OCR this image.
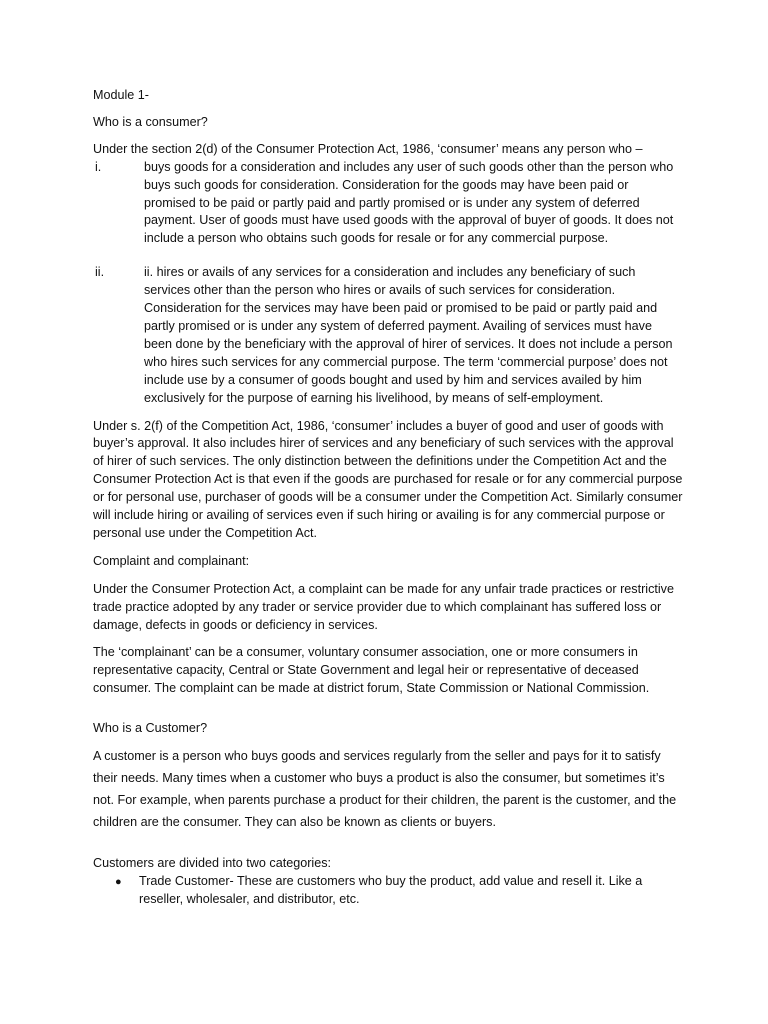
Module 1-

Who is a consumer?

Under the section 2(d) of the Consumer Protection Act, 1986, ‘consumer’ means any person who –

i.	buys goods for a consideration and includes any user of such goods other than the person who buys such goods for consideration. Consideration for the goods may have been paid or promised to be paid or partly paid and partly promised or is under any system of deferred payment. User of goods must have used goods with the approval of buyer of goods. It does not include a person who obtains such goods for resale or for any commercial purpose.
ii.	ii. hires or avails of any services for a consideration and includes any beneficiary of such services other than the person who hires or avails of such services for consideration. Consideration for the services may have been paid or promised to be paid or partly paid and partly promised or is under any system of deferred payment. Availing of services must have been done by the beneficiary with the approval of hirer of services. It does not include a person who hires such services for any commercial purpose. The term ‘commercial purpose’ does not include use by a consumer of goods bought and used by him and services availed by him exclusively for the purpose of earning his livelihood, by means of self-employment.

Under s. 2(f) of the Competition Act, 1986, ‘consumer’ includes a buyer of good and user of goods with buyer’s approval. It also includes hirer of services and any beneficiary of such services with the approval of hirer of such services. The only distinction between the definitions under the Competition Act and the Consumer Protection Act is that even if the goods are purchased for resale or for any commercial purpose or for personal use, purchaser of goods will be a consumer under the Competition Act. Similarly consumer will include hiring or availing of services even if such hiring or availing is for any commercial purpose or personal use under the Competition Act.

Complaint and complainant:

Under the Consumer Protection Act, a complaint can be made for any unfair trade practices or restrictive trade practice adopted by any trader or service provider due to which complainant has suffered loss or damage, defects in goods or deficiency in services.

The ‘complainant’ can be a consumer, voluntary consumer association, one or more consumers in representative capacity, Central or State Government and legal heir or representative of deceased consumer. The complaint can be made at district forum, State Commission or National Commission.

Who is a Customer?

A customer is a person who buys goods and services regularly from the seller and pays for it to satisfy their needs. Many times when a customer who buys a product is also the consumer, but sometimes it’s not. For example, when parents purchase a product for their children, the parent is the customer, and the children are the consumer. They can also be known as clients or buyers.

Customers are divided into two categories:

●	Trade Customer- These are customers who buy the product, add value and resell it. Like a reseller, wholesaler, and distributor, etc.
